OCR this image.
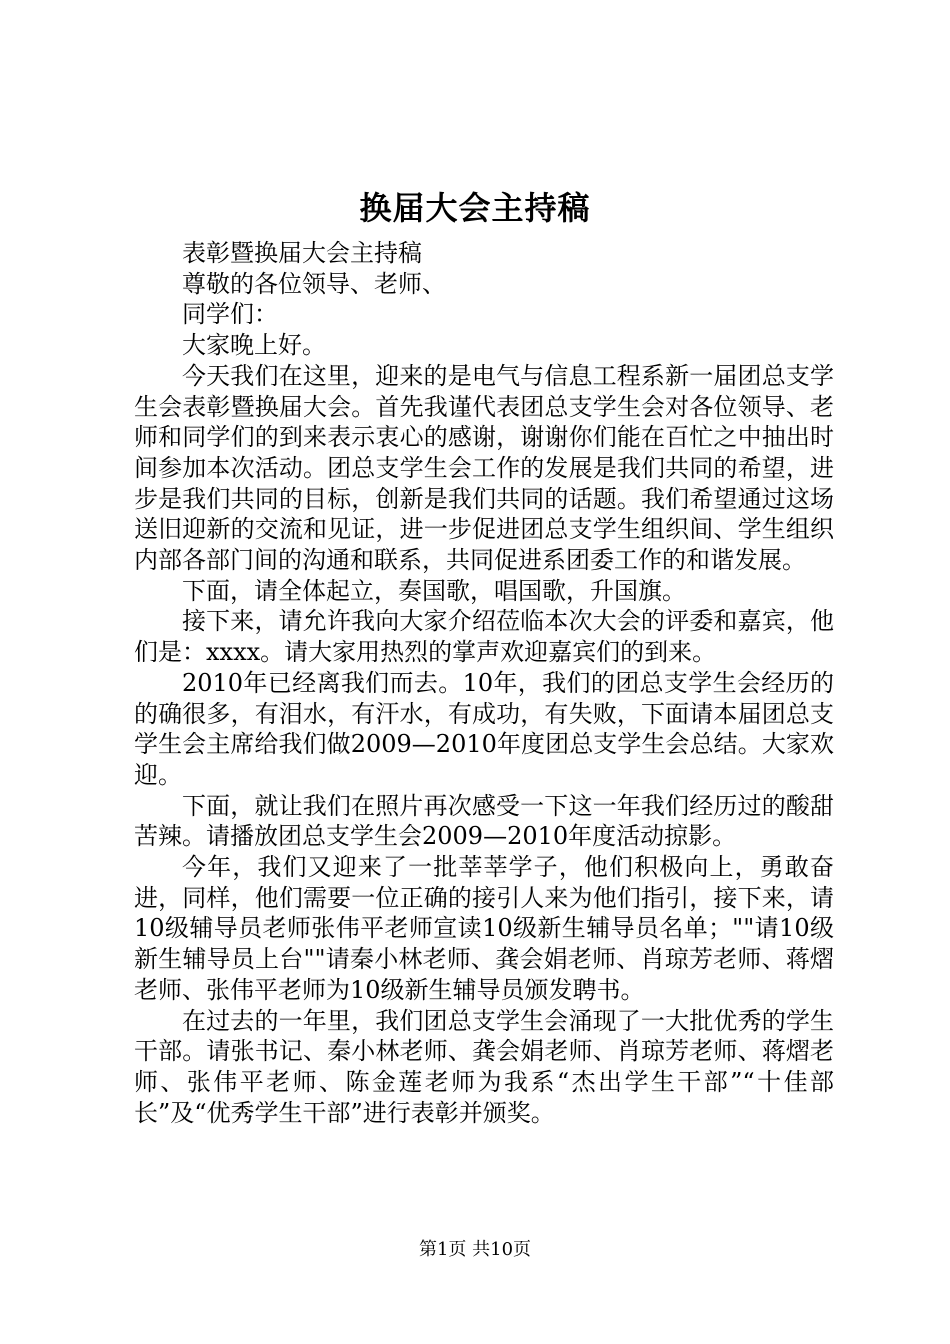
换届大会主持稿

表彰暨换届大会主持稿

尊敬的各位领导、老师、

同学们：

大家晚上好。

今天我们在这里，迎来的是电气与信息工程系新一届团总支学生会表彰暨换届大会。首先我谨代表团总支学生会对各位领导、老师和同学们的到来表示衷心的感谢，谢谢你们能在百忙之中抽出时间参加本次活动。团总支学生会工作的发展是我们共同的希望，进步是我们共同的目标，创新是我们共同的话题。我们希望通过这场送旧迎新的交流和见证，进一步促进团总支学生组织间、学生组织内部各部门间的沟通和联系，共同促进系团委工作的和谐发展。

下面，请全体起立，奏国歌，唱国歌，升国旗。

接下来，请允许我向大家介绍莅临本次大会的评委和嘉宾，他们是：xxxx。请大家用热烈的掌声欢迎嘉宾们的到来。

2010年已经离我们而去。10年，我们的团总支学生会经历的的确很多，有泪水，有汗水，有成功，有失败，下面请本届团总支学生会主席给我们做2009—2010年度团总支学生会总结。大家欢迎。

下面，就让我们在照片再次感受一下这一年我们经历过的酸甜苦辣。请播放团总支学生会2009—2010年度活动掠影。

今年，我们又迎来了一批莘莘学子，他们积极向上，勇敢奋进，同样，他们需要一位正确的接引人来为他们指引，接下来，请10级辅导员老师张伟平老师宣读10级新生辅导员名单；""请10级新生辅导员上台""请秦小林老师、龚会娟老师、肖琼芳老师、蒋熠老师、张伟平老师为10级新生辅导员颁发聘书。

在过去的一年里，我们团总支学生会涌现了一大批优秀的学生干部。请张书记、秦小林老师、龚会娟老师、肖琼芳老师、蒋熠老师、张伟平老师、陈金莲老师为我系“杰出学生干部”“十佳部长”及“优秀学生干部”进行表彰并颁奖。

第1页 共10页
